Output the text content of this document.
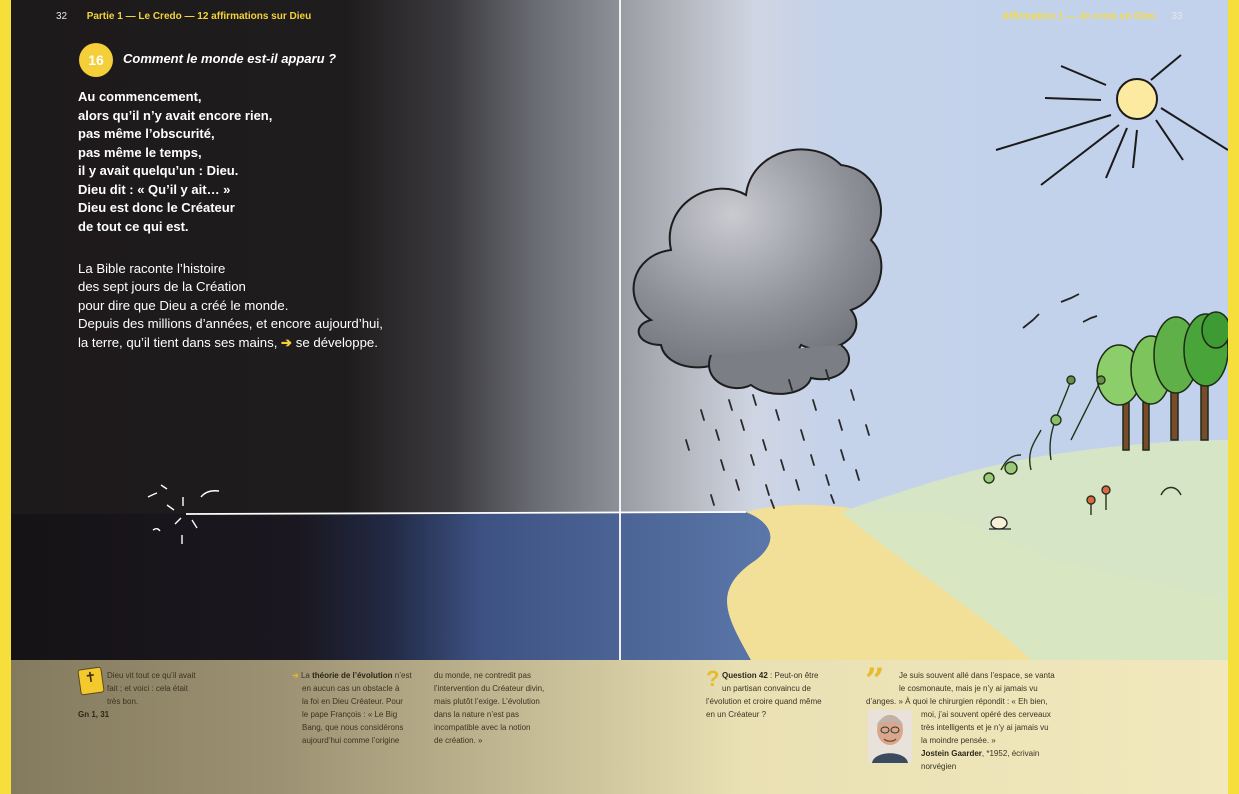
32 Partie 1 — Le Credo — 12 affirmations sur Dieu	Affirmation 1 — Je crois en Dieu 33
16	Comment le monde est-il apparu ?
Au commencement,
alors qu’il n’y avait encore rien,
pas même l’obscurité,
pas même le temps,
il y avait quelqu’un : Dieu.
Dieu dit : « Qu’il y ait… »
Dieu est donc le Créateur
de tout ce qui est.
La Bible raconte l’histoire
des sept jours de la Création
pour dire que Dieu a créé le monde.
Depuis des millions d’années, et encore aujourd’hui,
la terre, qu’il tient dans ses mains, ➔ se développe.
✝	Dieu vit tout ce qu’il avait
fait ; et voici : cela était
très bon.
Gn 1, 31
➔ La théorie de l’évolution n’est
en aucun cas un obstacle à
la foi en Dieu Créateur. Pour
le pape François : « Le Big
Bang, que nous considérons
aujourd’hui comme l’origine
du monde, ne contredit pas
l’intervention du Créateur divin,
mais plutôt l’exige. L’évolution
dans la nature n’est pas
incompatible avec la notion
de création. »
? Question 42 : Peut-on être
un partisan convaincu de
l’évolution et croire quand même
en un Créateur ?
” Je suis souvent allé dans l’espace, se vanta
le cosmonaute, mais je n’y ai jamais vu
d’anges. » À quoi le chirurgien répondit : « Eh bien,
moi, j’ai souvent opéré des cerveaux
très intelligents et je n’y ai jamais vu
la moindre pensée. »
Jostein Gaarder, *1952, écrivain
norvégien
